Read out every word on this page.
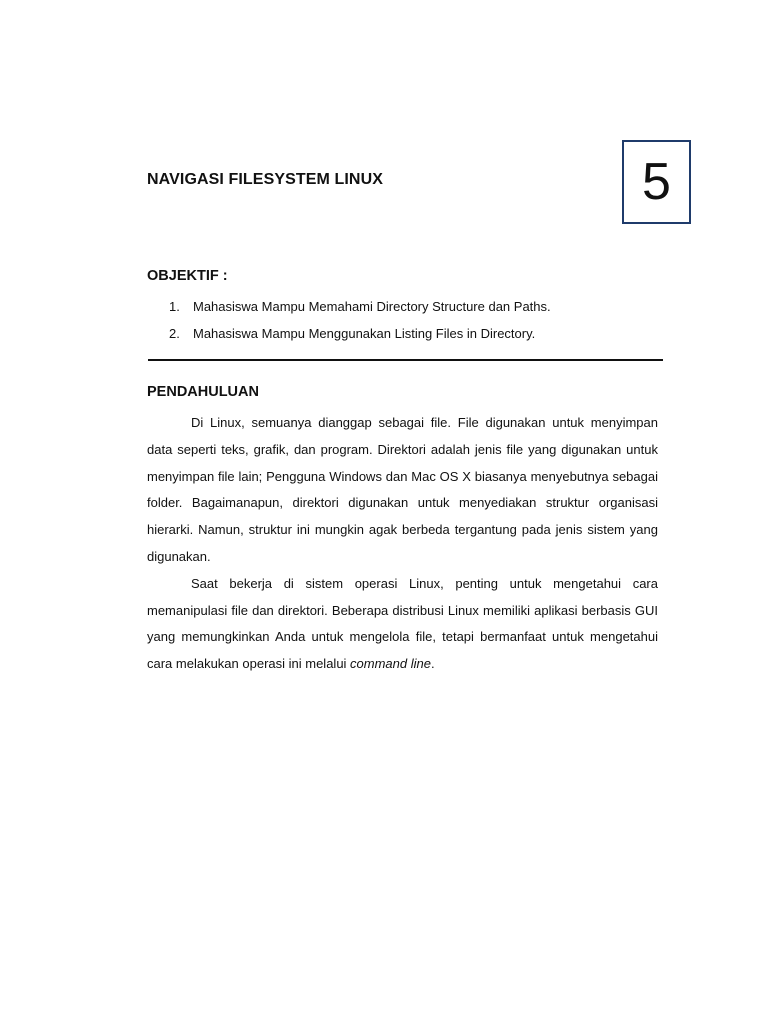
NAVIGASI FILESYSTEM LINUX	5
OBJEKTIF :
1.	Mahasiswa Mampu Memahami Directory Structure dan Paths.
2.	Mahasiswa Mampu Menggunakan Listing Files in Directory.
PENDAHULUAN

Di Linux, semuanya dianggap sebagai file. File digunakan untuk menyimpan data seperti teks, grafik, dan program. Direktori adalah jenis file yang digunakan untuk menyimpan file lain; Pengguna Windows dan Mac OS X biasanya menyebutnya sebagai folder. Bagaimanapun, direktori digunakan untuk menyediakan struktur organisasi hierarki. Namun, struktur ini mungkin agak berbeda tergantung pada jenis sistem yang digunakan.

Saat bekerja di sistem operasi Linux, penting untuk mengetahui cara memanipulasi file dan direktori. Beberapa distribusi Linux memiliki aplikasi berbasis GUI yang memungkinkan Anda untuk mengelola file, tetapi bermanfaat untuk mengetahui cara melakukan operasi ini melalui command line.
